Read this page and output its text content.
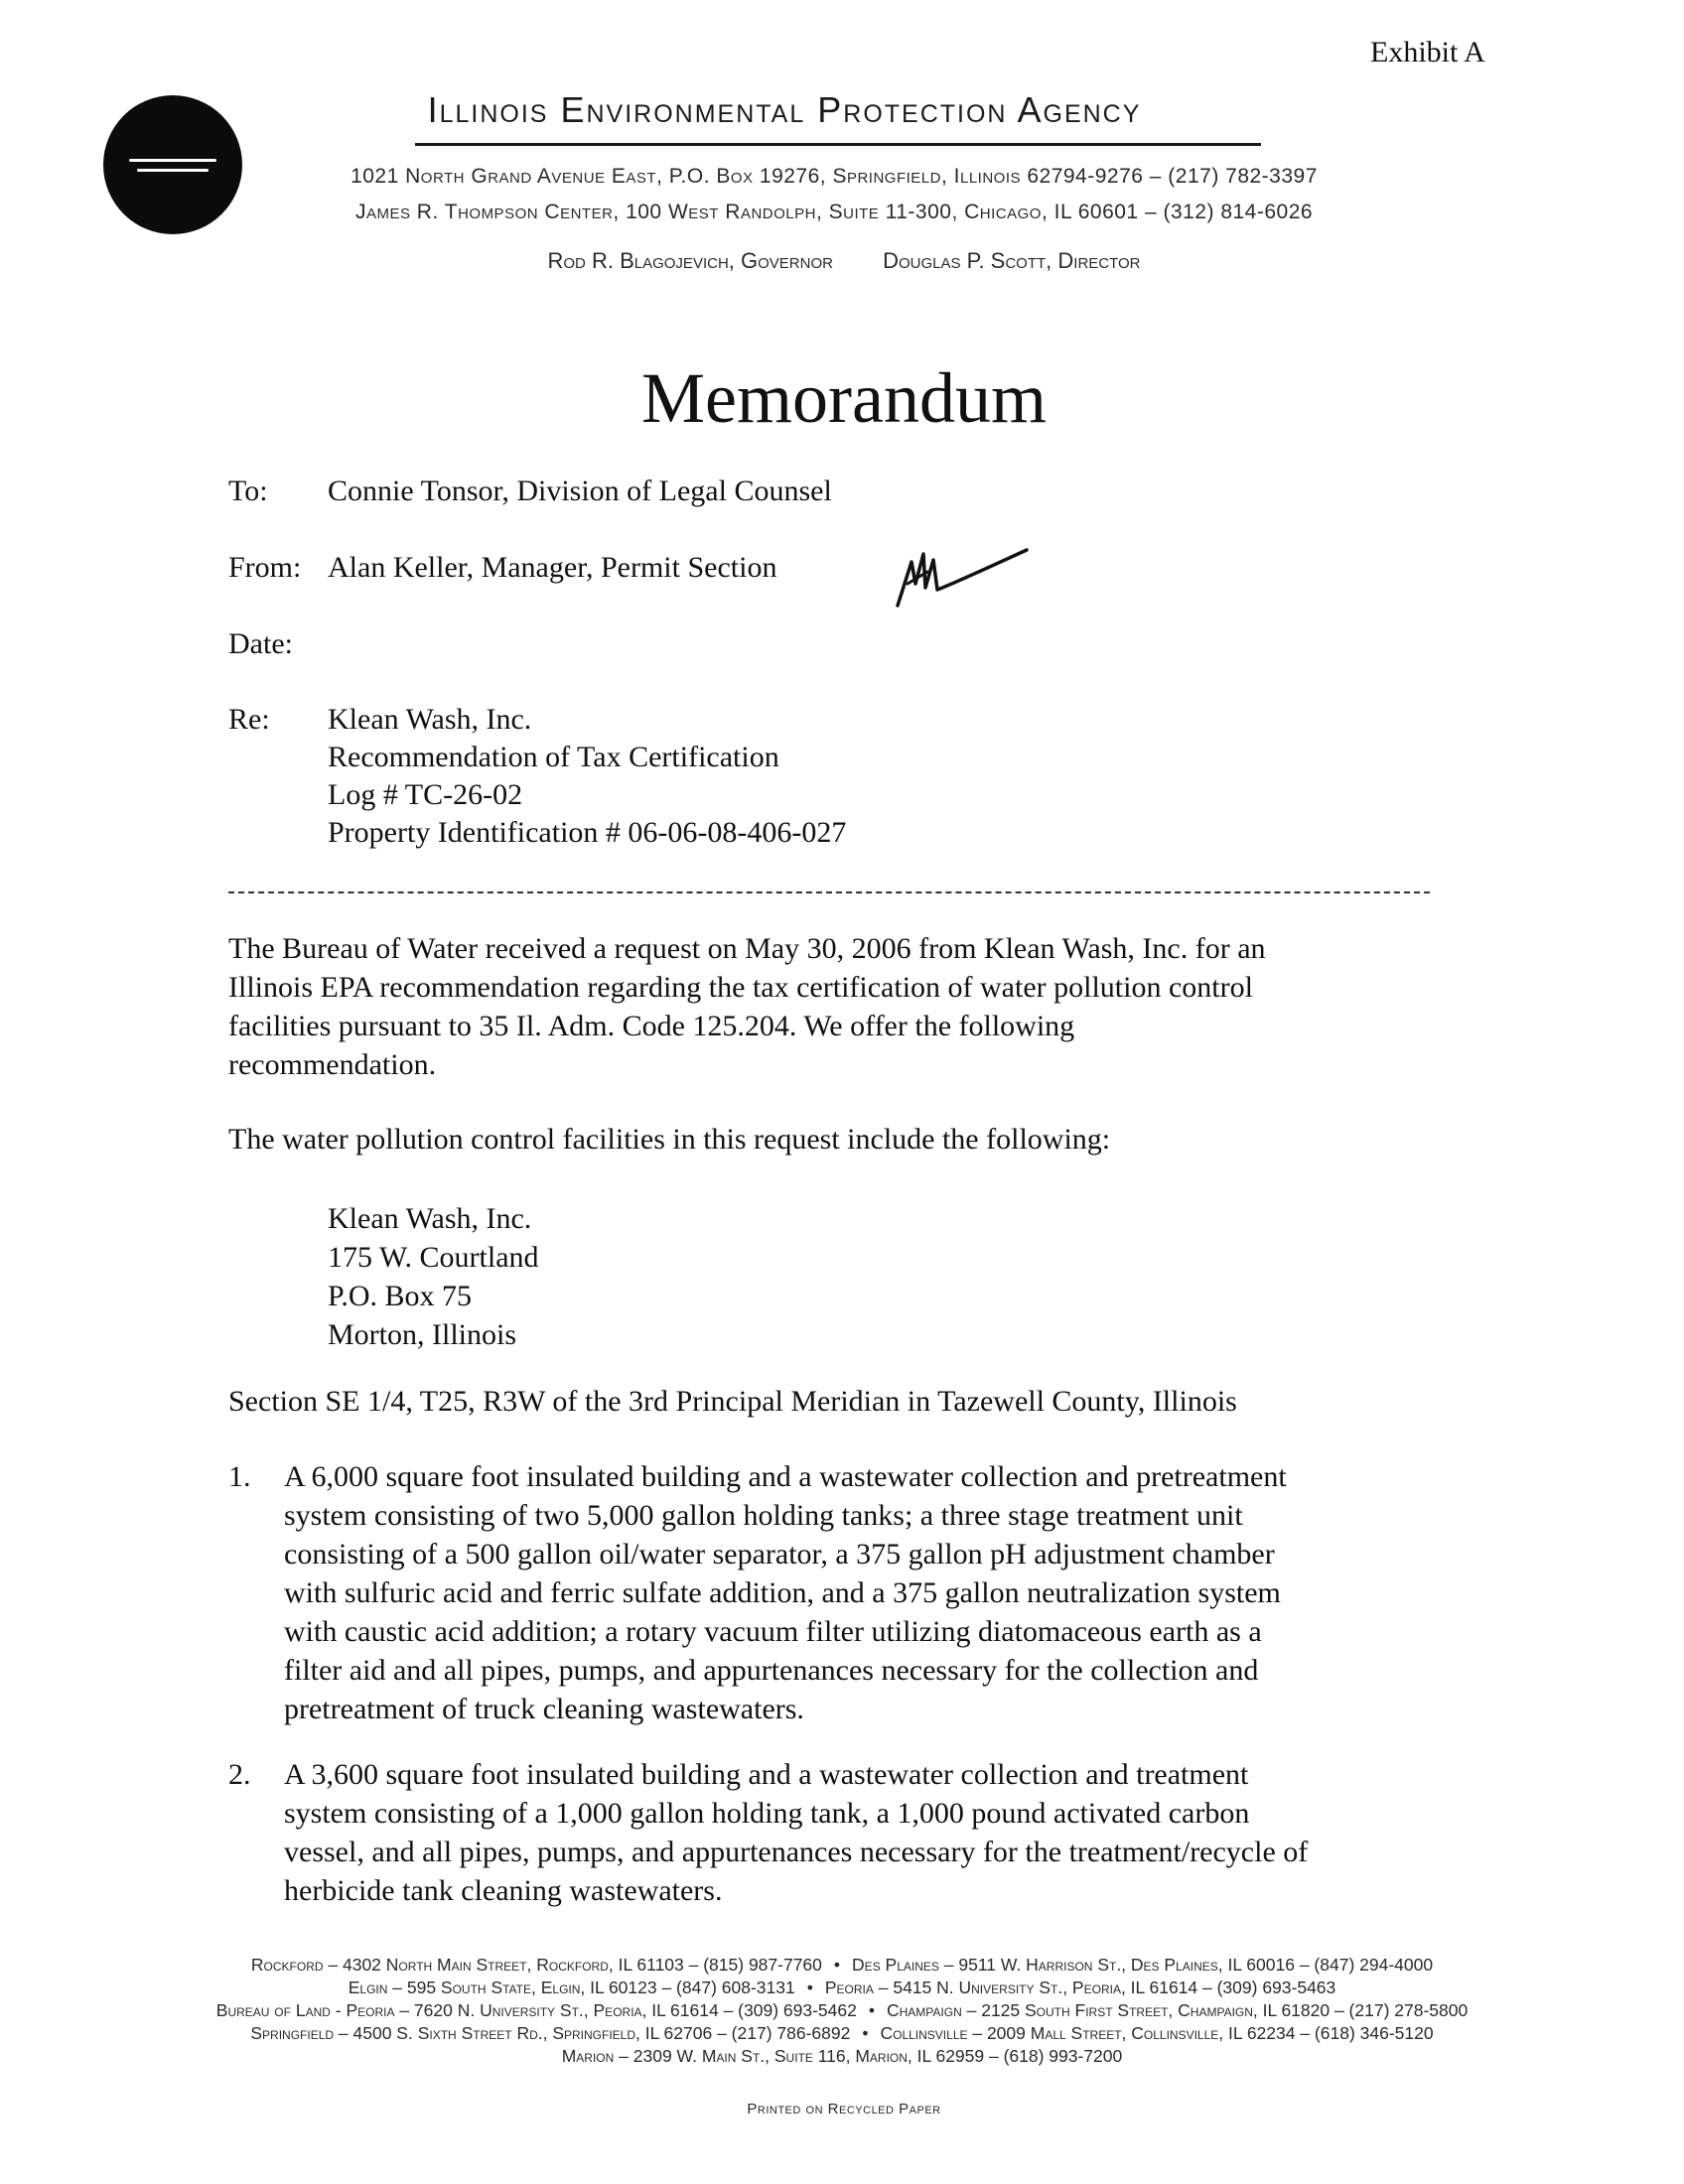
Exhibit A
Illinois Environmental Protection Agency
1021 North Grand Avenue East, P.O. Box 19276, Springfield, Illinois 62794-9276 – (217) 782-3397
James R. Thompson Center, 100 West Randolph, Suite 11-300, Chicago, IL 60601 – (312) 814-6026
Rod R. Blagojevich, Governor Douglas P. Scott, Director
Memorandum
To: Connie Tonsor, Division of Legal Counsel
From: Alan Keller, Manager, Permit Section
Date:
Re: Klean Wash, Inc.
Recommendation of Tax Certification
Log # TC-26-02
Property Identification # 06-06-08-406-027
The Bureau of Water received a request on May 30, 2006 from Klean Wash, Inc. for an
Illinois EPA recommendation regarding the tax certification of water pollution control
facilities pursuant to 35 Il. Adm. Code 125.204. We offer the following
recommendation.
The water pollution control facilities in this request include the following:
Klean Wash, Inc.
175 W. Courtland
P.O. Box 75
Morton, Illinois
Section SE 1/4, T25, R3W of the 3rd Principal Meridian in Tazewell County, Illinois
1.	A 6,000 square foot insulated building and a wastewater collection and pretreatment
system consisting of two 5,000 gallon holding tanks; a three stage treatment unit
consisting of a 500 gallon oil/water separator, a 375 gallon pH adjustment chamber
with sulfuric acid and ferric sulfate addition, and a 375 gallon neutralization system
with caustic acid addition; a rotary vacuum filter utilizing diatomaceous earth as a
filter aid and all pipes, pumps, and appurtenances necessary for the collection and
pretreatment of truck cleaning wastewaters.
2.	A 3,600 square foot insulated building and a wastewater collection and treatment
system consisting of a 1,000 gallon holding tank, a 1,000 pound activated carbon
vessel, and all pipes, pumps, and appurtenances necessary for the treatment/recycle of
herbicide tank cleaning wastewaters.
Rockford – 4302 North Main Street, Rockford, IL 61103 – (815) 987-7760 • Des Plaines – 9511 W. Harrison St., Des Plaines, IL 60016 – (847) 294-4000
Elgin – 595 South State, Elgin, IL 60123 – (847) 608-3131 • Peoria – 5415 N. University St., Peoria, IL 61614 – (309) 693-5463
Bureau of Land - Peoria – 7620 N. University St., Peoria, IL 61614 – (309) 693-5462 • Champaign – 2125 South First Street, Champaign, IL 61820 – (217) 278-5800
Springfield – 4500 S. Sixth Street Rd., Springfield, IL 62706 – (217) 786-6892 • Collinsville – 2009 Mall Street, Collinsville, IL 62234 – (618) 346-5120
Marion – 2309 W. Main St., Suite 116, Marion, IL 62959 – (618) 993-7200
Printed on Recycled Paper
